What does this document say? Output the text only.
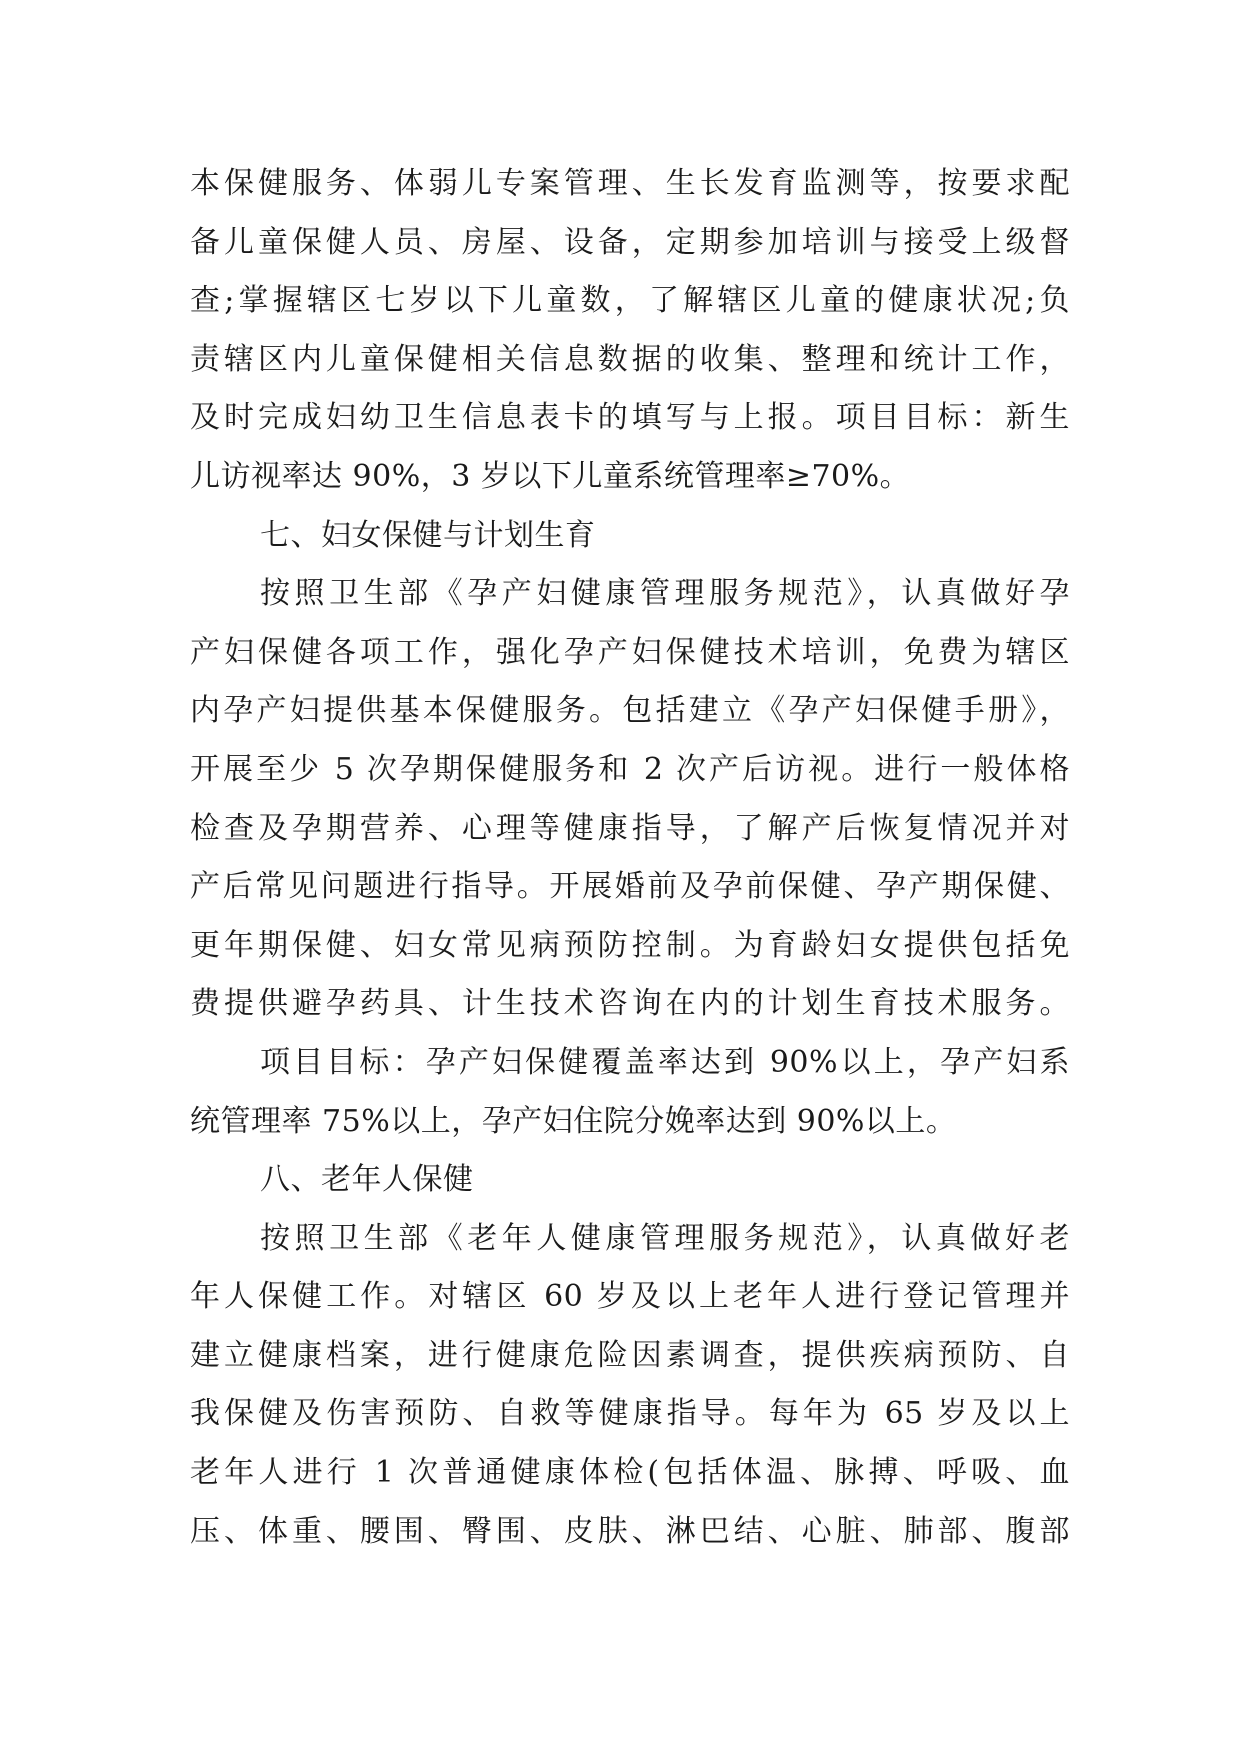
本保健服务、体弱儿专案管理、生长发育监测等，按要求配
备儿童保健人员、房屋、设备，定期参加培训与接受上级督
查;掌握辖区七岁以下儿童数，了解辖区儿童的健康状况;负
责辖区内儿童保健相关信息数据的收集、整理和统计工作，
及时完成妇幼卫生信息表卡的填写与上报。项目目标：新生
儿访视率达 90%，3 岁以下儿童系统管理率≥70%。
七、妇女保健与计划生育
按照卫生部《孕产妇健康管理服务规范》，认真做好孕
产妇保健各项工作，强化孕产妇保健技术培训，免费为辖区
内孕产妇提供基本保健服务。包括建立《孕产妇保健手册》，
开展至少 5 次孕期保健服务和 2 次产后访视。进行一般体格
检查及孕期营养、心理等健康指导，了解产后恢复情况并对
产后常见问题进行指导。开展婚前及孕前保健、孕产期保健、
更年期保健、妇女常见病预防控制。为育龄妇女提供包括免
费提供避孕药具、计生技术咨询在内的计划生育技术服务。
项目目标：孕产妇保健覆盖率达到 90%以上，孕产妇系
统管理率 75%以上，孕产妇住院分娩率达到 90%以上。
八、老年人保健
按照卫生部《老年人健康管理服务规范》，认真做好老
年人保健工作。对辖区 60 岁及以上老年人进行登记管理并
建立健康档案，进行健康危险因素调查，提供疾病预防、自
我保健及伤害预防、自救等健康指导。每年为 65 岁及以上
老年人进行 1 次普通健康体检(包括体温、脉搏、呼吸、血
压、体重、腰围、臀围、皮肤、淋巴结、心脏、肺部、腹部
